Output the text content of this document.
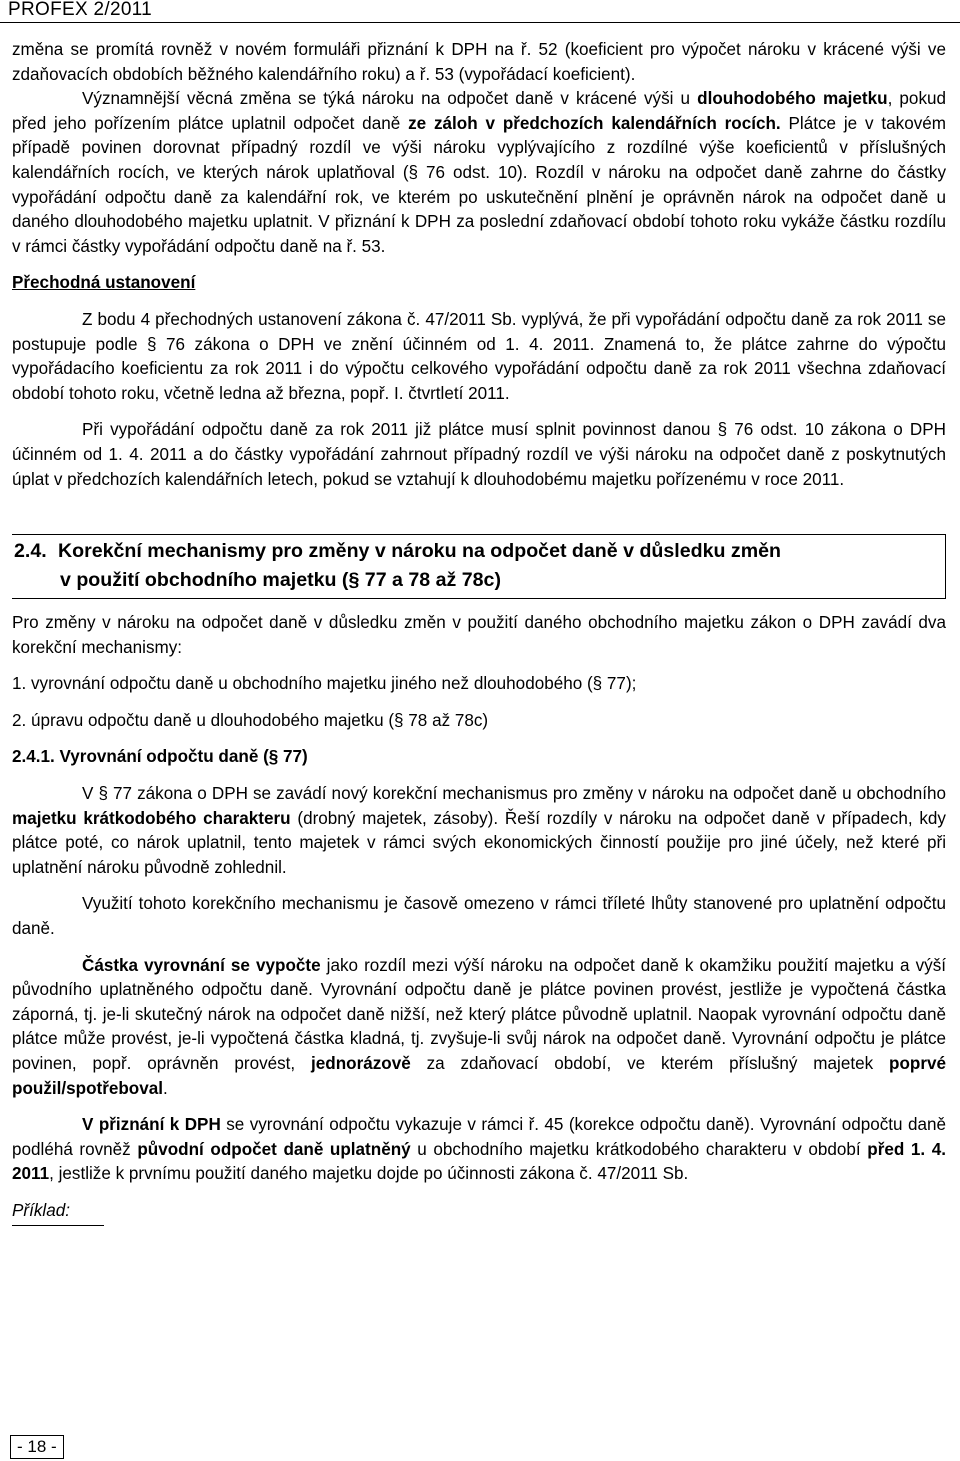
PROFEX 2/2011

změna se promítá rovněž v novém formuláři přiznání k DPH na ř. 52 (koeficient pro výpočet nároku v krácené výši ve zdaňovacích obdobích běžného kalendářního roku) a ř. 53 (vypořádací koeficient).

Významnější věcná změna se týká nároku na odpočet daně v krácené výši u dlouhodobého majetku, pokud před jeho pořízením plátce uplatnil odpočet daně ze záloh v předchozích kalendářních rocích. Plátce je v takovém případě povinen dorovnat případný rozdíl ve výši nároku vyplývajícího z rozdílné výše koeficientů v příslušných kalendářních rocích, ve kterých nárok uplatňoval (§ 76 odst. 10). Rozdíl v nároku na odpočet daně zahrne do částky vypořádání odpočtu daně za kalendářní rok, ve kterém po uskutečnění plnění je oprávněn nárok na odpočet daně u daného dlouhodobého majetku uplatnit. V přiznání k DPH za poslední zdaňovací období tohoto roku vykáže částku rozdílu v rámci částky vypořádání odpočtu daně na ř. 53.

Přechodná ustanovení

Z bodu 4 přechodných ustanovení zákona č. 47/2011 Sb. vyplývá, že při vypořádání odpočtu daně za rok 2011 se postupuje podle § 76 zákona o DPH ve znění účinném od 1. 4. 2011. Znamená to, že plátce zahrne do výpočtu vypořádacího koeficientu za rok 2011 i do výpočtu celkového vypořádání odpočtu daně za rok 2011 všechna zdaňovací období tohoto roku, včetně ledna až března, popř. I. čtvrtletí 2011.

Při vypořádání odpočtu daně za rok 2011 již plátce musí splnit povinnost danou § 76 odst. 10 zákona o DPH účinném od 1. 4. 2011 a do částky vypořádání zahrnout případný rozdíl ve výši nároku na odpočet daně z poskytnutých úplat v předchozích kalendářních letech, pokud se vztahují k dlouhodobému majetku pořízenému v roce 2011.

2.4. Korekční mechanismy pro změny v nároku na odpočet daně v důsledku změn
v použití obchodního majetku (§ 77 a 78 až 78c)

Pro změny v nároku na odpočet daně v důsledku změn v použití daného obchodního majetku zákon o DPH zavádí dva korekční mechanismy:

1. vyrovnání odpočtu daně u obchodního majetku jiného než dlouhodobého (§ 77);

2. úpravu odpočtu daně u dlouhodobého majetku (§ 78 až 78c)

2.4.1. Vyrovnání odpočtu daně (§ 77)

V § 77 zákona o DPH se zavádí nový korekční mechanismus pro změny v nároku na odpočet daně u obchodního majetku krátkodobého charakteru (drobný majetek, zásoby). Řeší rozdíly v nároku na odpočet daně v případech, kdy plátce poté, co nárok uplatnil, tento majetek v rámci svých ekonomických činností použije pro jiné účely, než které při uplatnění nároku původně zohlednil.

Využití tohoto korekčního mechanismu je časově omezeno v rámci tříleté lhůty stanovené pro uplatnění odpočtu daně.

Částka vyrovnání se vypočte jako rozdíl mezi výší nároku na odpočet daně k okamžiku použití majetku a výší původního uplatněného odpočtu daně. Vyrovnání odpočtu daně je plátce povinen provést, jestliže je vypočtená částka záporná, tj. je-li skutečný nárok na odpočet daně nižší, než který plátce původně uplatnil. Naopak vyrovnání odpočtu daně plátce může provést, je-li vypočtená částka kladná, tj. zvyšuje-li svůj nárok na odpočet daně. Vyrovnání odpočtu je plátce povinen, popř. oprávněn provést, jednorázově za zdaňovací období, ve kterém příslušný majetek poprvé použil/spotřeboval.

V přiznání k DPH se vyrovnání odpočtu vykazuje v rámci ř. 45 (korekce odpočtu daně). Vyrovnání odpočtu daně podléhá rovněž původní odpočet daně uplatněný u obchodního majetku krátkodobého charakteru v období před 1. 4. 2011, jestliže k prvnímu použití daného majetku dojde po účinnosti zákona č. 47/2011 Sb.

Příklad:
- 18 -
